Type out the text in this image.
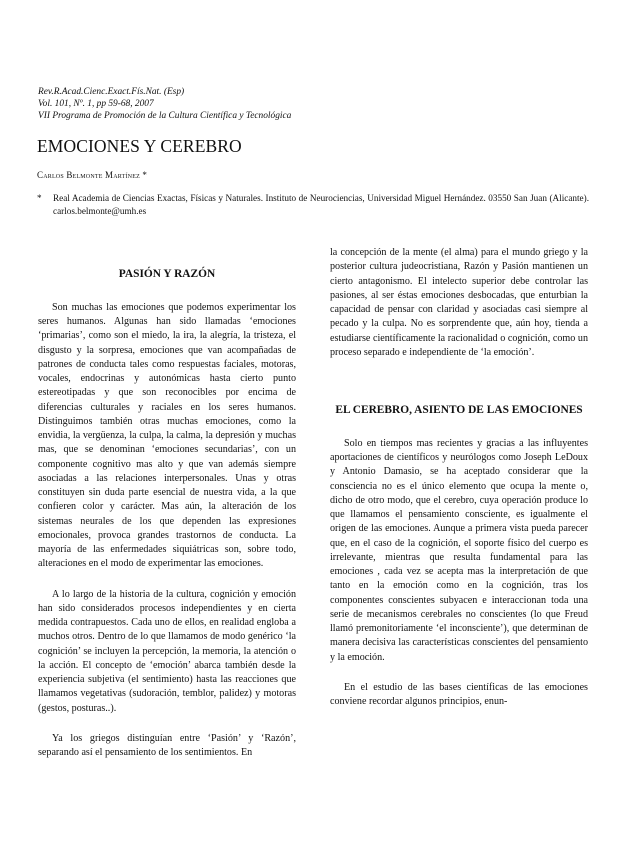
Rev.R.Acad.Cienc.Exact.Fís.Nat. (Esp)
Vol. 101, Nº. 1, pp 59-68, 2007
VII Programa de Promoción de la Cultura Científica y Tecnológica
EMOCIONES Y CEREBRO
Carlos Belmonte Martínez *
*	Real Academia de Ciencias Exactas, Físicas y Naturales. Instituto de Neurociencias, Universidad Miguel Hernández. 03550 San Juan (Alicante). carlos.belmonte@umh.es
PASIÓN Y RAZÓN

Son muchas las emociones que podemos experimentar los seres humanos. Algunas han sido llamadas ‘emociones ‘primarias’, como son el miedo, la ira, la alegría, la tristeza, el disgusto y la sorpresa, emociones que van acompañadas de patrones de conducta tales como respuestas faciales, motoras, vocales, endocrinas y autonómicas hasta cierto punto estereotipadas y que son reconocibles por encima de diferencias culturales y raciales en los seres humanos. Distinguimos también otras muchas emociones, como la envidia, la vergüenza, la culpa, la calma, la depresión y muchas mas, que se denominan ‘emociones secundarias’, con un componente cognitivo mas alto y que van además siempre asociadas a las relaciones interpersonales. Unas y otras constituyen sin duda parte esencial de nuestra vida, a la que confieren color y carácter. Mas aún, la alteración de los sistemas neurales de los que dependen las expresiones emocionales, provoca grandes trastornos de conducta. La mayoría de las enfermedades siquiátricas son, sobre todo, alteraciones en el modo de experimentar las emociones.

A lo largo de la historia de la cultura, cognición y emoción han sido considerados procesos independientes y en cierta medida contrapuestos. Cada uno de ellos, en realidad engloba a muchos otros. Dentro de lo que llamamos de modo genérico ‘la cognición’ se incluyen la percepción, la memoria, la atención o la acción. El concepto de ‘emoción’ abarca también desde la experiencia subjetiva (el sentimiento) hasta las reacciones que llamamos vegetativas (sudoración, temblor, palidez) y motoras (gestos, posturas..).

Ya los griegos distinguían entre ‘Pasión’ y ‘Razón’, separando así el pensamiento de los sentimientos. En

la concepción de la mente (el alma) para el mundo griego y la posterior cultura judeocristiana, Razón y Pasión mantienen un cierto antagonismo. El intelecto superior debe controlar las pasiones, al ser éstas emociones desbocadas, que enturbian la capacidad de pensar con claridad y asociadas casi siempre al pecado y la culpa. No es sorprendente que, aún hoy, tienda a estudiarse científicamente la racionalidad o cognición, como un proceso separado e independiente de ‘la emoción’.

EL CEREBRO, ASIENTO DE LAS EMOCIONES

Solo en tiempos mas recientes y gracias a las influyentes aportaciones de científicos y neurólogos como Joseph LeDoux y Antonio Damasio, se ha aceptado considerar que la consciencia no es el único elemento que ocupa la mente o, dicho de otro modo, que el cerebro, cuya operación produce lo que llamamos el pensamiento consciente, es igualmente el origen de las emociones. Aunque a primera vista pueda parecer que, en el caso de la cognición, el soporte físico del cuerpo es irrelevante, mientras que resulta fundamental para las emociones , cada vez se acepta mas la interpretación de que tanto en la emoción como en la cognición, tras los componentes conscientes subyacen e interaccionan toda una serie de mecanismos cerebrales no conscientes (lo que Freud llamó premonitoriamente ‘el inconsciente’), que determinan de manera decisiva las características conscientes del pensamiento y la emoción.

En el estudio de las bases científicas de las emociones conviene recordar algunos principios, enun-
